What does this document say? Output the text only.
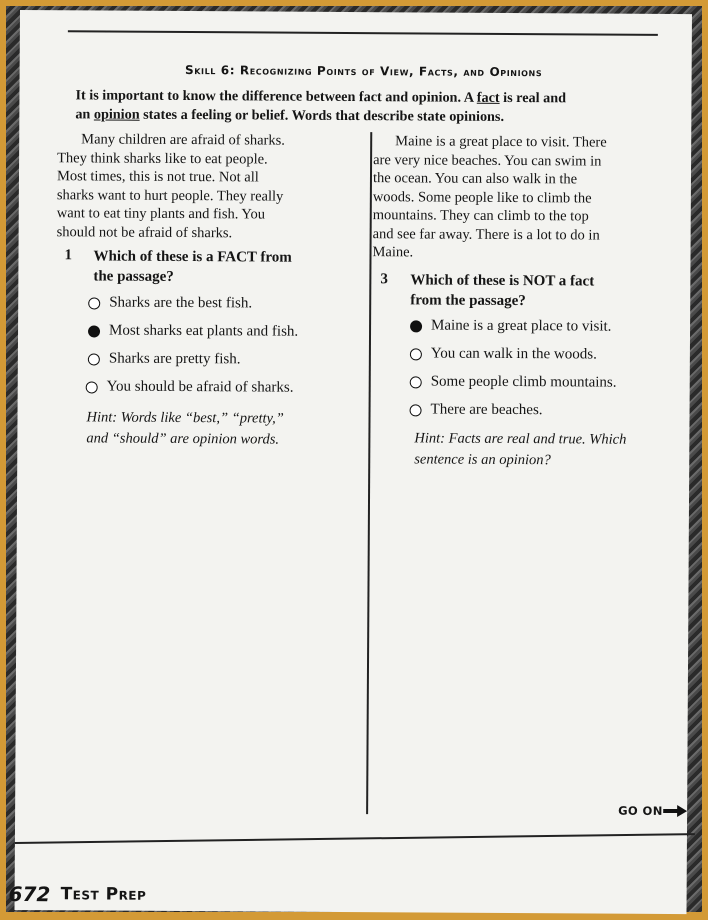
Skill 6: Recognizing Points of View, Facts, and Opinions
It is important to know the difference between fact and opinion. A fact is real and
an opinion states a feeling or belief. Words that describe state opinions.
Many children are afraid of sharks.
They think sharks like to eat people.
Most times, this is not true. Not all
sharks want to hurt people. They really
want to eat tiny plants and fish. You
should not be afraid of sharks.
1 Which of these is a FACT from
the passage?
Sharks are the best fish.
Most sharks eat plants and fish.
Sharks are pretty fish.
You should be afraid of sharks.
Hint: Words like “best,” “pretty,”
and “should” are opinion words.
Maine is a great place to visit. There
are very nice beaches. You can swim in
the ocean. You can also walk in the
woods. Some people like to climb the
mountains. They can climb to the top
and see far away. There is a lot to do in
Maine.
3 Which of these is NOT a fact
from the passage?
Maine is a great place to visit.
You can walk in the woods.
Some people climb mountains.
There are beaches.
Hint: Facts are real and true. Which
sentence is an opinion?
GO ON
672 Test Prep
